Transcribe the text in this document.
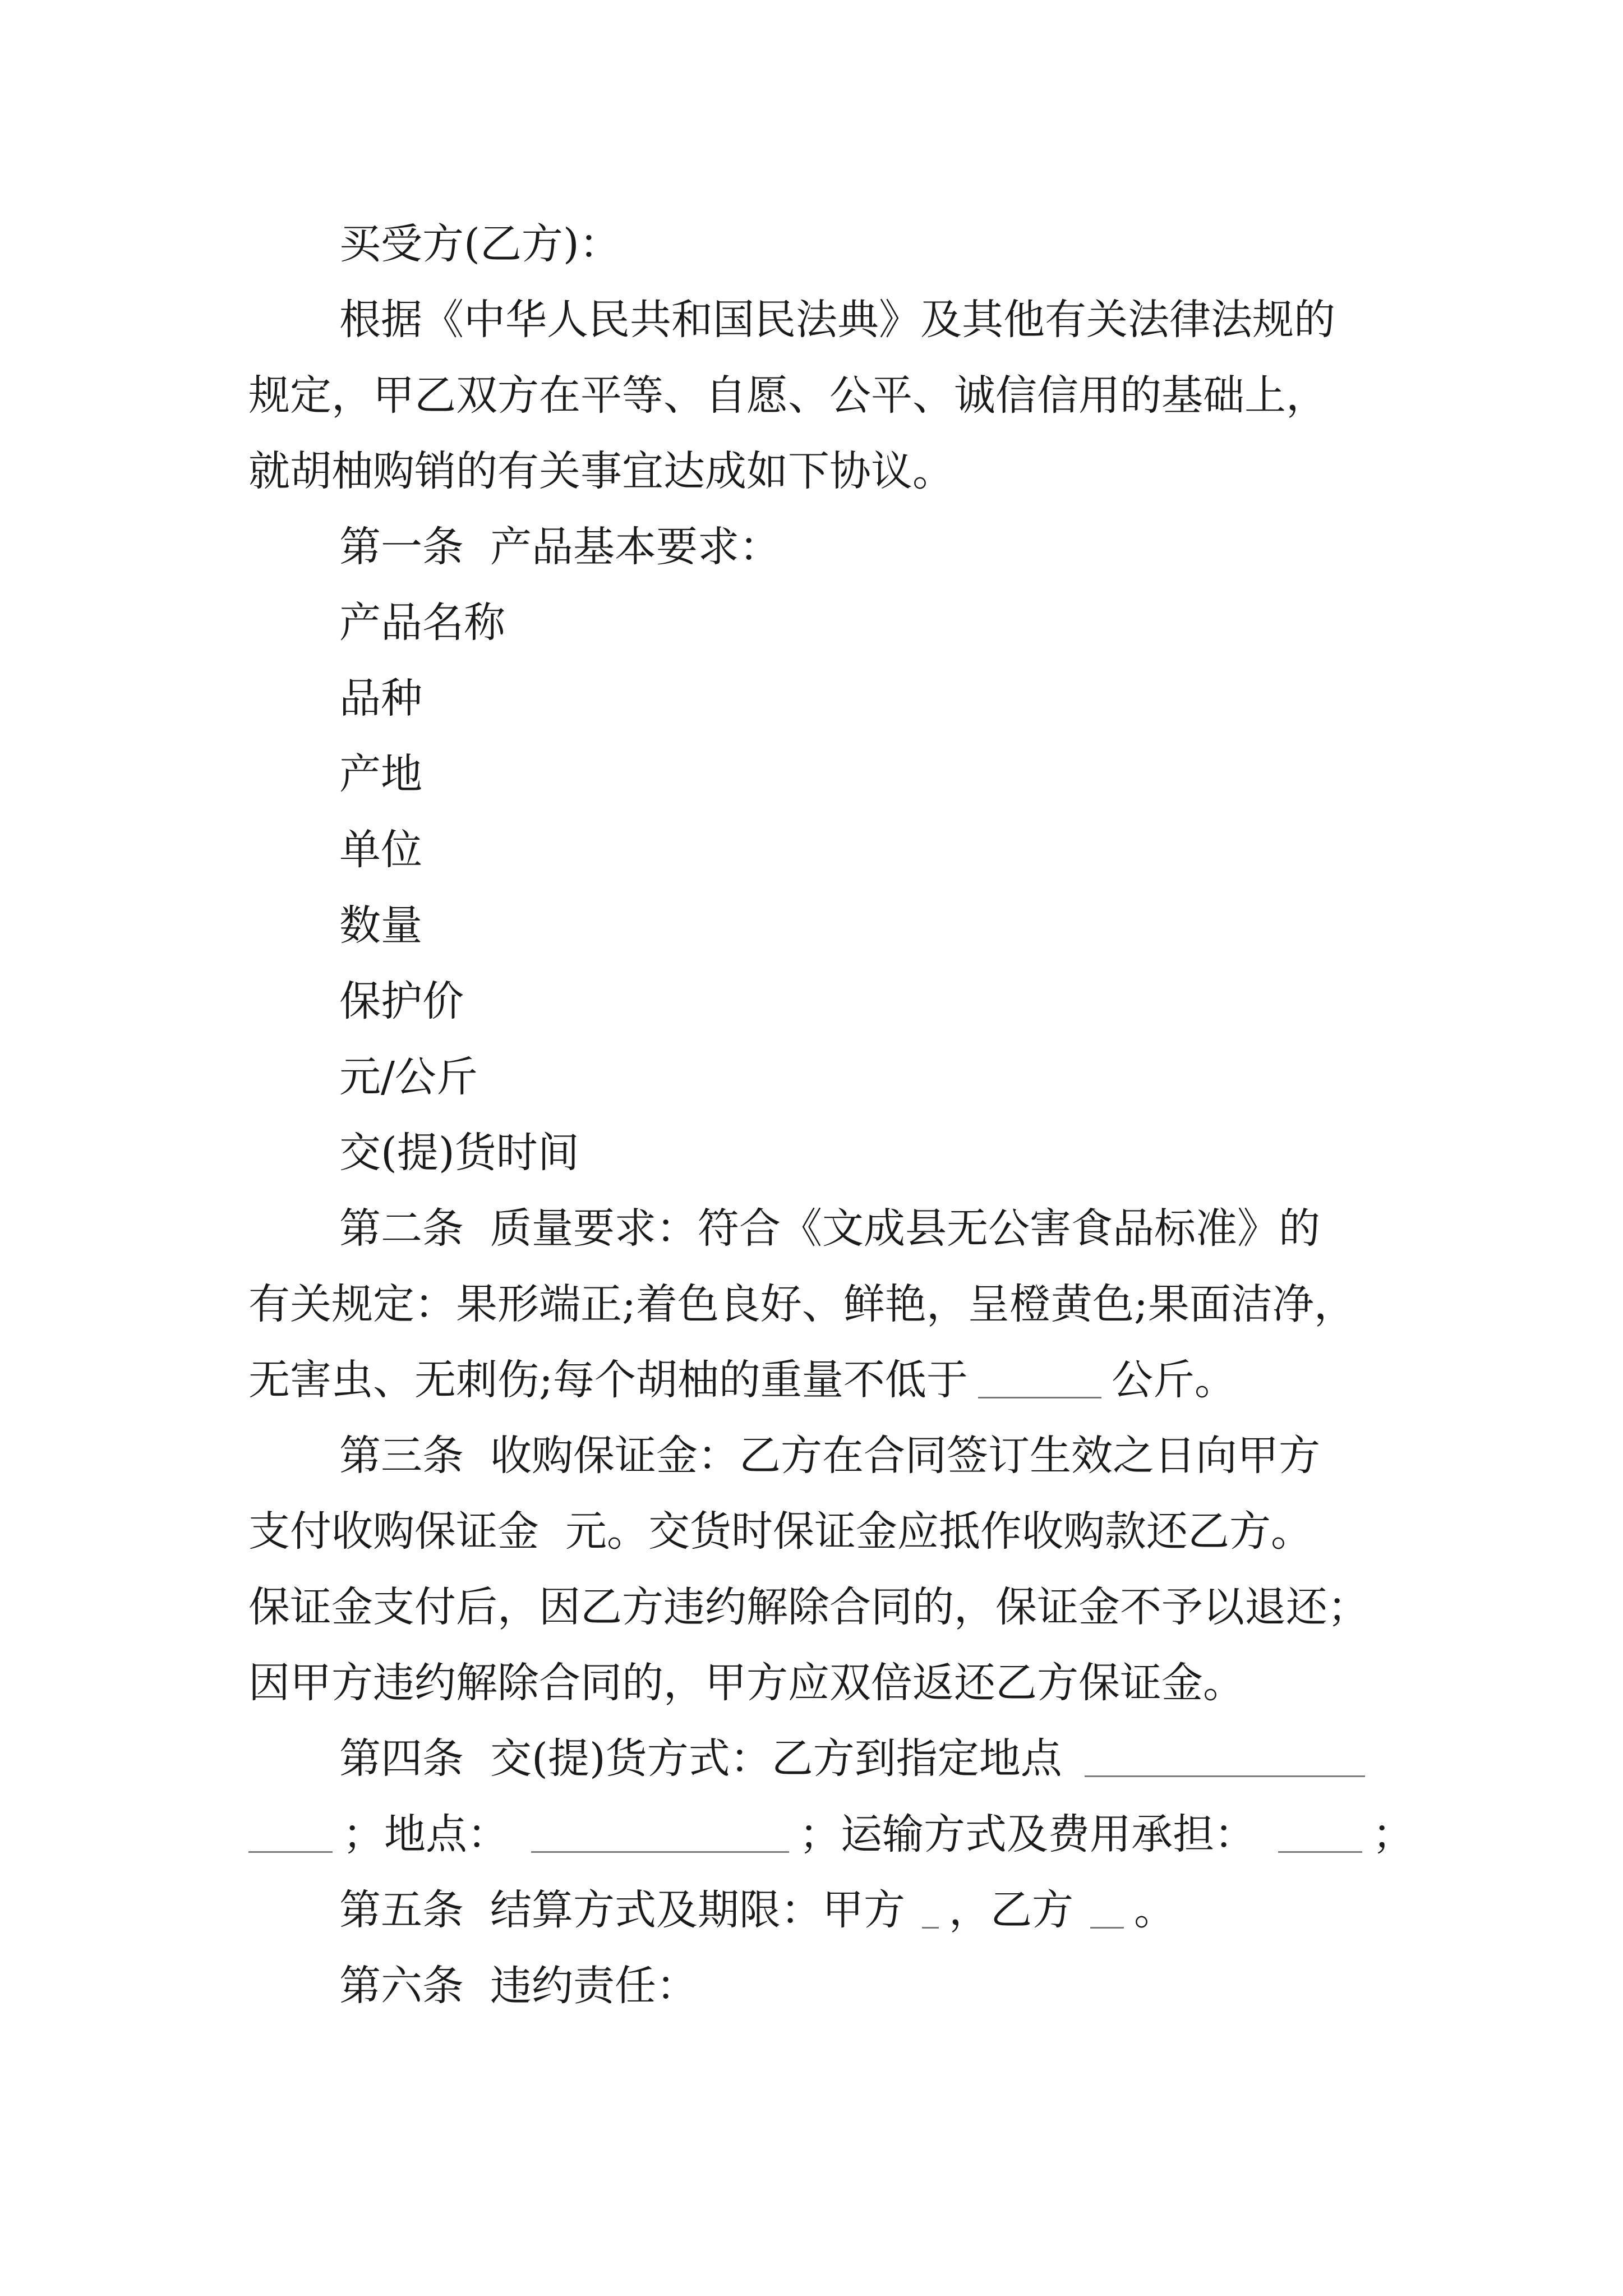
买受方(乙方)：

根据《中华人民共和国民法典》及其他有关法律法规的

规定，甲乙双方在平等、自愿、公平、诚信信用的基础上，

就胡柚购销的有关事宜达成如下协议。

第一条  产品基本要求：

产品名称

品种

产地

单位

数量

保护价

元/公斤

交(提)货时间

第二条  质量要求：符合《文成县无公害食品标准》的

有关规定：果形端正;着色良好、鲜艳，呈橙黄色;果面洁净，

无害虫、无刺伤;每个胡柚的重量不低于	公斤。

第三条  收购保证金：乙方在合同签订生效之日向甲方

支付收购保证金  元。交货时保证金应抵作收购款还乙方。

保证金支付后，因乙方违约解除合同的，保证金不予以退还；

因甲方违约解除合同的，甲方应双倍返还乙方保证金。

第四条  交(提)货方式：乙方到指定地点

；地点：	；运输方式及费用承担：	；

第五条  结算方式及期限：甲方 ，乙方 。

第六条  违约责任：
